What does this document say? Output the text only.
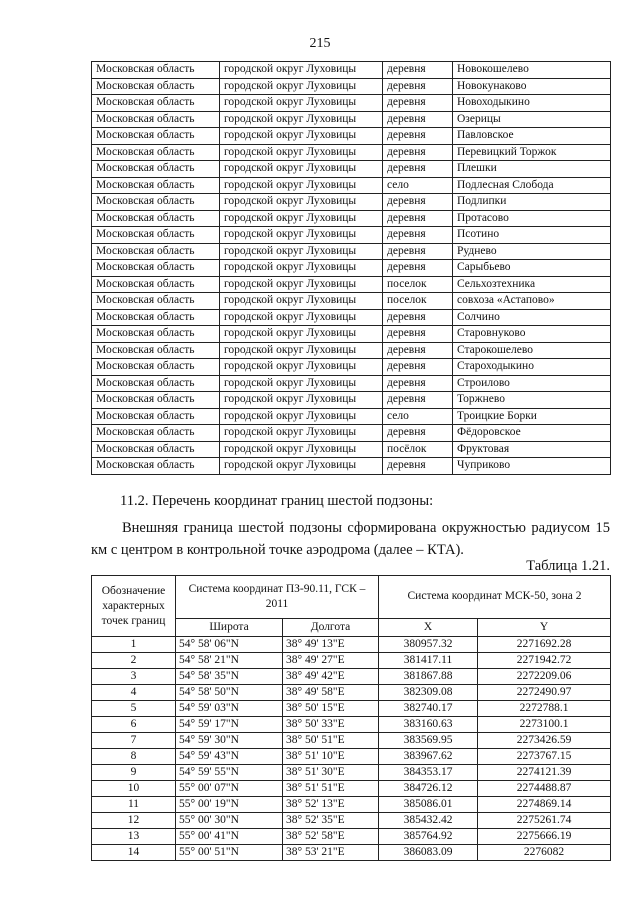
215
Московская область	городской округ Луховицы	деревня	Новокошелево
Московская область	городской округ Луховицы	деревня	Новокунаково
Московская область	городской округ Луховицы	деревня	Новоходыкино
Московская область	городской округ Луховицы	деревня	Озерицы
Московская область	городской округ Луховицы	деревня	Павловское
Московская область	городской округ Луховицы	деревня	Перевицкий Торжок
Московская область	городской округ Луховицы	деревня	Плешки
Московская область	городской округ Луховицы	село	Подлесная Слобода
Московская область	городской округ Луховицы	деревня	Подлипки
Московская область	городской округ Луховицы	деревня	Протасово
Московская область	городской округ Луховицы	деревня	Псотино
Московская область	городской округ Луховицы	деревня	Руднево
Московская область	городской округ Луховицы	деревня	Сарыбьево
Московская область	городской округ Луховицы	поселок	Сельхозтехника
Московская область	городской округ Луховицы	поселок	совхоза «Астапово»
Московская область	городской округ Луховицы	деревня	Солчино
Московская область	городской округ Луховицы	деревня	Старовнуково
Московская область	городской округ Луховицы	деревня	Старокошелево
Московская область	городской округ Луховицы	деревня	Староходыкино
Московская область	городской округ Луховицы	деревня	Строилово
Московская область	городской округ Луховицы	деревня	Торжнево
Московская область	городской округ Луховицы	село	Троицкие Борки
Московская область	городской округ Луховицы	деревня	Фёдоровское
Московская область	городской округ Луховицы	посёлок	Фруктовая
Московская область	городской округ Луховицы	деревня	Чуприково
11.2. Перечень координат границ шестой подзоны:
Внешняя граница шестой подзоны сформирована окружностью радиусом 15 км с центром в контрольной точке аэродрома (далее – КТА).
Таблица 1.21.
Обозначение характерных точек границ	Система координат ПЗ-90.11, ГСК – 2011		Система координат МСК-50, зона 2	
	Широта	Долгота	X	Y
1	54° 58' 06"N	38° 49' 13"E	380957.32	2271692.28
2	54° 58' 21"N	38° 49' 27"E	381417.11	2271942.72
3	54° 58' 35"N	38° 49' 42"E	381867.88	2272209.06
4	54° 58' 50"N	38° 49' 58"E	382309.08	2272490.97
5	54° 59' 03"N	38° 50' 15"E	382740.17	2272788.1
6	54° 59' 17"N	38° 50' 33"E	383160.63	2273100.1
7	54° 59' 30"N	38° 50' 51"E	383569.95	2273426.59
8	54° 59' 43"N	38° 51' 10"E	383967.62	2273767.15
9	54° 59' 55"N	38° 51' 30"E	384353.17	2274121.39
10	55° 00' 07"N	38° 51' 51"E	384726.12	2274488.87
11	55° 00' 19"N	38° 52' 13"E	385086.01	2274869.14
12	55° 00' 30"N	38° 52' 35"E	385432.42	2275261.74
13	55° 00' 41"N	38° 52' 58"E	385764.92	2275666.19
14	55° 00' 51"N	38° 53' 21"E	386083.09	2276082
